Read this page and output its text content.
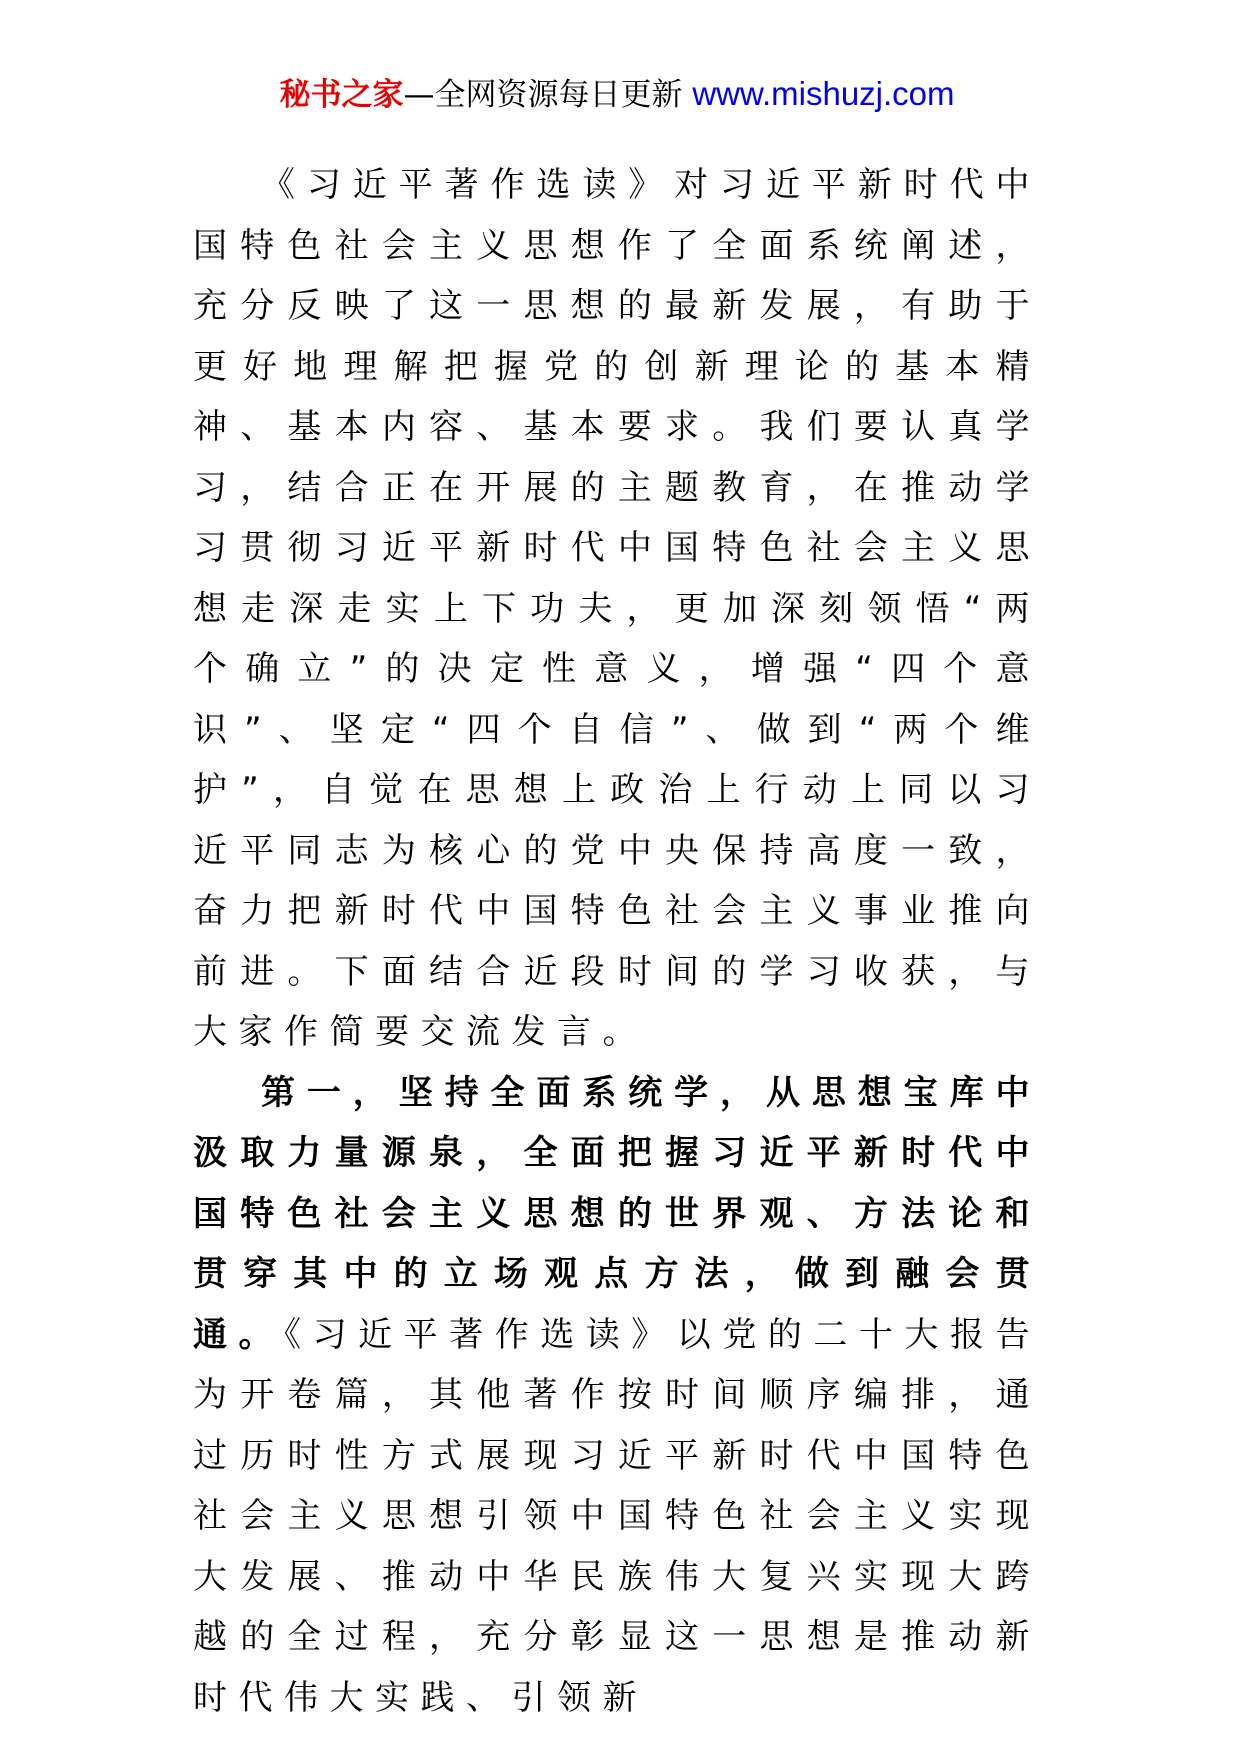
秘书之家—全网资源每日更新 www.mishuzj.com

《习近平著作选读》对习近平新时代中国特色社会主义思想作了全面系统阐述，充分反映了这一思想的最新发展，有助于更好地理解把握党的创新理论的基本精神、基本内容、基本要求。我们要认真学习，结合正在开展的主题教育，在推动学习贯彻习近平新时代中国特色社会主义思想走深走实上下功夫，更加深刻领悟“两个确立”的决定性意义，增强“四个意识”、坚定“四个自信”、做到“两个维护”，自觉在思想上政治上行动上同以习近平同志为核心的党中央保持高度一致，奋力把新时代中国特色社会主义事业推向前进。下面结合近段时间的学习收获，与大家作简要交流发言。

第一，坚持全面系统学，从思想宝库中汲取力量源泉，全面把握习近平新时代中国特色社会主义思想的世界观、方法论和贯穿其中的立场观点方法，做到融会贯通。《习近平著作选读》以党的二十大报告为开卷篇，其他著作按时间顺序编排，通过历时性方式展现习近平新时代中国特色社会主义思想引领中国特色社会主义实现大发展、推动中华民族伟大复兴实现大跨越的全过程，充分彰显这一思想是推动新时代伟大实践、引领新
